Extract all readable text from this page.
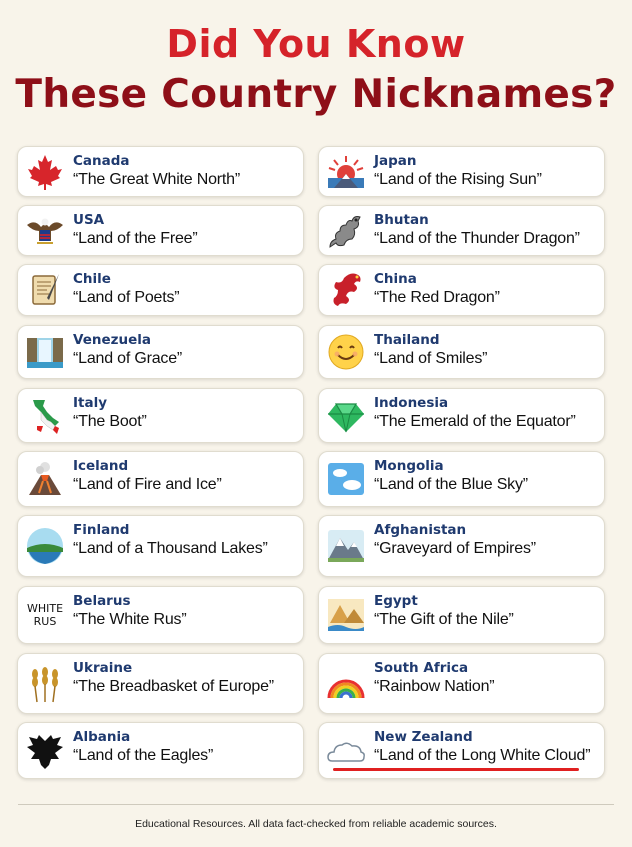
Did You Know
These Country Nicknames?
Canada
“The Great White North”
USA
“Land of the Free”
Chile
“Land of Poets”
Venezuela
“Land of Grace”
Italy
“The Boot”
Iceland
“Land of Fire and Ice”
Finland
“Land of a Thousand Lakes”
WHITE
RUS
Belarus
“The White Rus”
Ukraine
“The Breadbasket of Europe”
Albania
“Land of the Eagles”
Japan
“Land of the Rising Sun”
Bhutan
“Land of the Thunder Dragon”
China
“The Red Dragon”
Thailand
“Land of Smiles”
Indonesia
“The Emerald of the Equator”
Mongolia
“Land of the Blue Sky”
Afghanistan
“Graveyard of Empires”
Egypt
“The Gift of the Nile”
South Africa
“Rainbow Nation”
New Zealand
“Land of the Long White Cloud”
Educational Resources. All data fact-checked from reliable academic sources.
